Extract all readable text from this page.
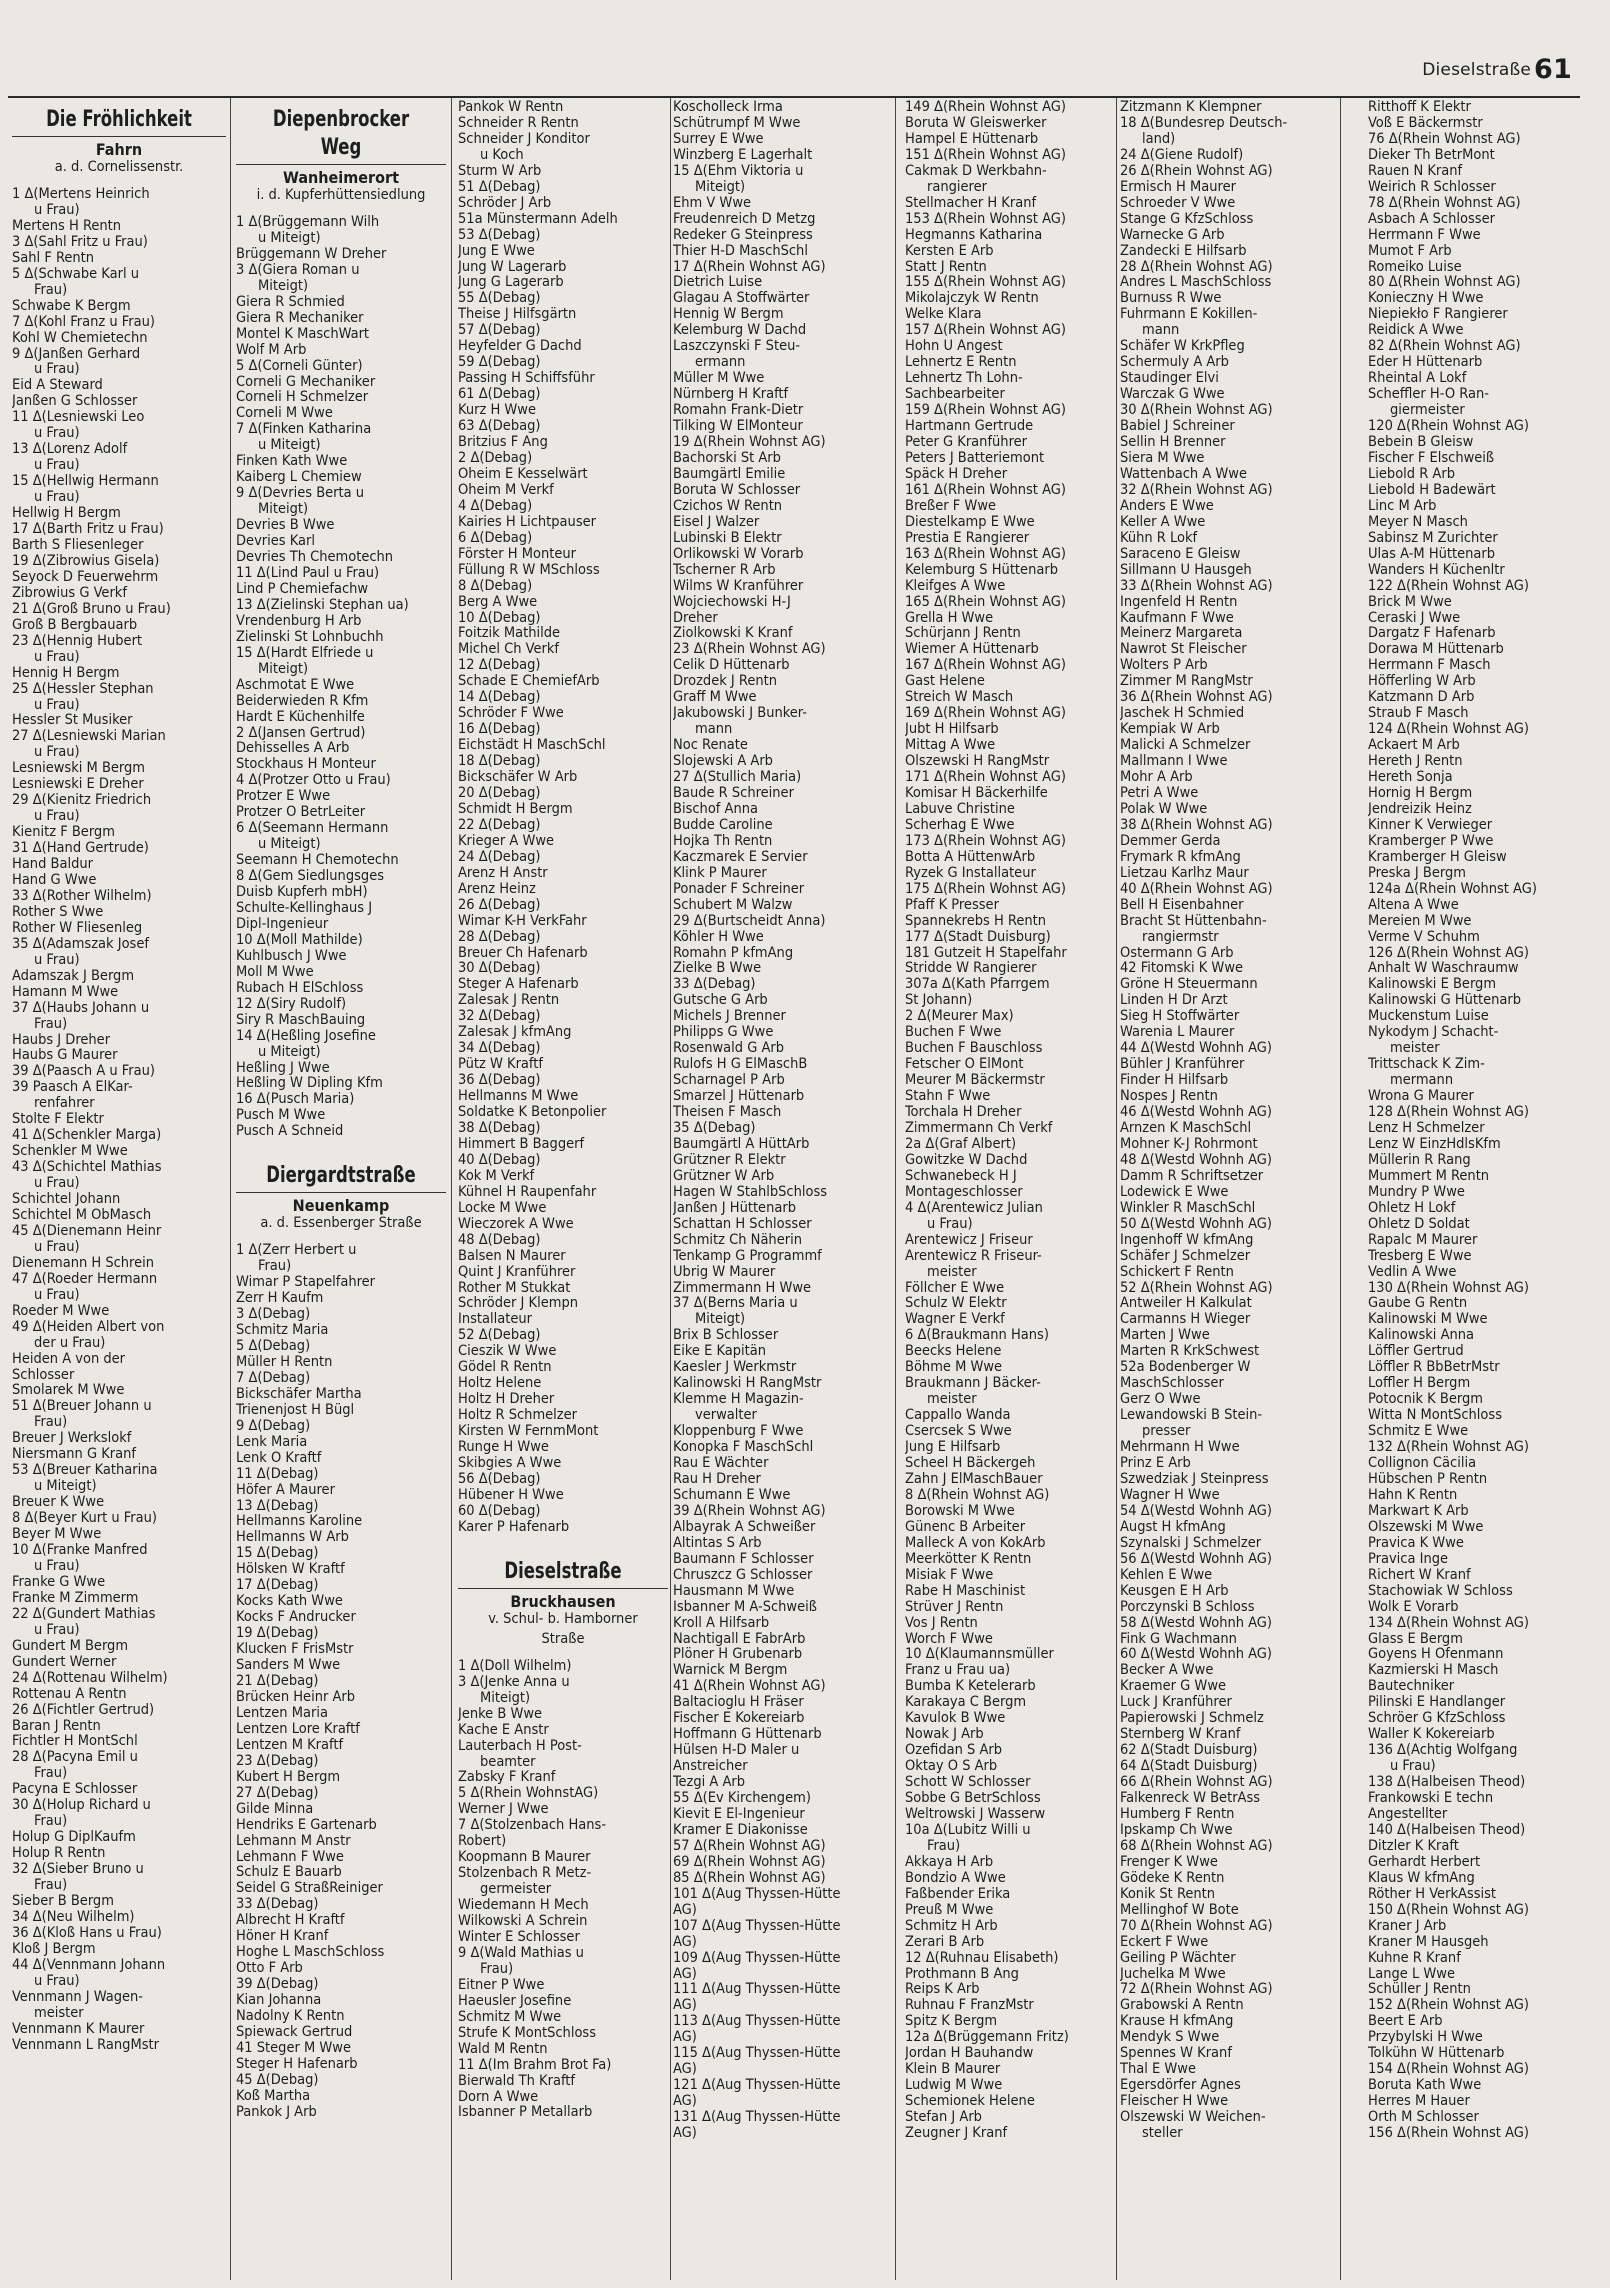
Dieselstraße 61
Die Fröhlichkeit
Fahrn
a. d. Cornelissenstr.
1 Δ(Mertens Heinrich
u Frau)
Mertens H Rentn
3 Δ(Sahl Fritz u Frau)
Sahl F Rentn
5 Δ(Schwabe Karl u
Frau)
Schwabe K Bergm
7 Δ(Kohl Franz u Frau)
Kohl W Chemietechn
9 Δ(Janßen Gerhard
u Frau)
Eid A Steward
Janßen G Schlosser
11 Δ(Lesniewski Leo
u Frau)
13 Δ(Lorenz Adolf
u Frau)
15 Δ(Hellwig Hermann
u Frau)
Hellwig H Bergm
17 Δ(Barth Fritz u Frau)
Barth S Fliesenleger
19 Δ(Zibrowius Gisela)
Seyock D Feuerwehrm
Zibrowius G Verkf
21 Δ(Groß Bruno u Frau)
Groß B Bergbauarb
23 Δ(Hennig Hubert
u Frau)
Hennig H Bergm
25 Δ(Hessler Stephan
u Frau)
Hessler St Musiker
27 Δ(Lesniewski Marian
u Frau)
Lesniewski M Bergm
Lesniewski E Dreher
29 Δ(Kienitz Friedrich
u Frau)
Kienitz F Bergm
31 Δ(Hand Gertrude)
Hand Baldur
Hand G Wwe
33 Δ(Rother Wilhelm)
Rother S Wwe
Rother W Fliesenleg
35 Δ(Adamszak Josef
u Frau)
Adamszak J Bergm
Hamann M Wwe
37 Δ(Haubs Johann u
Frau)
Haubs J Dreher
Haubs G Maurer
39 Δ(Paasch A u Frau)
39 Paasch A ElKar-
renfahrer
Stolte F Elektr
41 Δ(Schenkler Marga)
Schenkler M Wwe
43 Δ(Schichtel Mathias
u Frau)
Schichtel Johann
Schichtel M ObMasch
45 Δ(Dienemann Heinr
u Frau)
Dienemann H Schrein
47 Δ(Roeder Hermann
u Frau)
Roeder M Wwe
49 Δ(Heiden Albert von
der u Frau)
Heiden A von der
Schlosser
Smolarek M Wwe
51 Δ(Breuer Johann u
Frau)
Breuer J Werkslokf
Niersmann G Kranf
53 Δ(Breuer Katharina
u Miteigt)
Breuer K Wwe
8 Δ(Beyer Kurt u Frau)
Beyer M Wwe
10 Δ(Franke Manfred
u Frau)
Franke G Wwe
Franke M Zimmerm
22 Δ(Gundert Mathias
u Frau)
Gundert M Bergm
Gundert Werner
24 Δ(Rottenau Wilhelm)
Rottenau A Rentn
26 Δ(Fichtler Gertrud)
Baran J Rentn
Fichtler H MontSchl
28 Δ(Pacyna Emil u
Frau)
Pacyna E Schlosser
30 Δ(Holup Richard u
Frau)
Holup G DiplKaufm
Holup R Rentn
32 Δ(Sieber Bruno u
Frau)
Sieber B Bergm
34 Δ(Neu Wilhelm)
36 Δ(Kloß Hans u Frau)
Kloß J Bergm
44 Δ(Vennmann Johann
u Frau)
Vennmann J Wagen-
meister
Vennmann K Maurer
Vennmann L RangMstr
Diepenbrocker Weg
Wanheimerort
i. d. Kupferhüttensiedlung
1 Δ(Brüggemann Wilh
u Miteigt)
Brüggemann W Dreher
3 Δ(Giera Roman u
Miteigt)
Giera R Schmied
Giera R Mechaniker
Montel K MaschWart
Wolf M Arb
5 Δ(Corneli Günter)
Corneli G Mechaniker
Corneli H Schmelzer
Corneli M Wwe
7 Δ(Finken Katharina
u Miteigt)
Finken Kath Wwe
Kaiberg L Chemiew
9 Δ(Devries Berta u
Miteigt)
Devries B Wwe
Devries Karl
Devries Th Chemotechn
11 Δ(Lind Paul u Frau)
Lind P Chemiefachw
13 Δ(Zielinski Stephan ua)
Vrendenburg H Arb
Zielinski St Lohnbuchh
15 Δ(Hardt Elfriede u
Miteigt)
Aschmotat E Wwe
Beiderwieden R Kfm
Hardt E Küchenhilfe
2 Δ(Jansen Gertrud)
Dehisselles A Arb
Stockhaus H Monteur
4 Δ(Protzer Otto u Frau)
Protzer E Wwe
Protzer O BetrLeiter
6 Δ(Seemann Hermann
u Miteigt)
Seemann H Chemotechn
8 Δ(Gem Siedlungsges
Duisb Kupferh mbH)
Schulte-Kellinghaus J
Dipl-Ingenieur
10 Δ(Moll Mathilde)
Kuhlbusch J Wwe
Moll M Wwe
Rubach H ElSchloss
12 Δ(Siry Rudolf)
Siry R MaschBauing
14 Δ(Heßling Josefine
u Miteigt)
Heßling J Wwe
Heßling W Dipling Kfm
16 Δ(Pusch Maria)
Pusch M Wwe
Pusch A Schneid
Diergardtstraße
Neuenkamp
a. d. Essenberger Straße
1 Δ(Zerr Herbert u
Frau)
Wimar P Stapelfahrer
Zerr H Kaufm
3 Δ(Debag)
Schmitz Maria
5 Δ(Debag)
Müller H Rentn
7 Δ(Debag)
Bickschäfer Martha
Trienenjost H Bügl
9 Δ(Debag)
Lenk Maria
Lenk O Kraftf
11 Δ(Debag)
Höfer A Maurer
13 Δ(Debag)
Hellmanns Karoline
Hellmanns W Arb
15 Δ(Debag)
Hölsken W Kraftf
17 Δ(Debag)
Kocks Kath Wwe
Kocks F Andrucker
19 Δ(Debag)
Klucken F FrisMstr
Sanders M Wwe
21 Δ(Debag)
Brücken Heinr Arb
Lentzen Maria
Lentzen Lore Kraftf
Lentzen M Kraftf
23 Δ(Debag)
Kubert H Bergm
27 Δ(Debag)
Gilde Minna
Hendriks E Gartenarb
Lehmann M Anstr
Lehmann F Wwe
Schulz E Bauarb
Seidel G StraßReiniger
33 Δ(Debag)
Albrecht H Kraftf
Höner H Kranf
Hoghe L MaschSchloss
Otto F Arb
39 Δ(Debag)
Kian Johanna
Nadolny K Rentn
Spiewack Gertrud
41 Steger M Wwe
Steger H Hafenarb
45 Δ(Debag)
Koß Martha
Pankok J Arb
Pankok W Rentn
Schneider R Rentn
Schneider J Konditor
u Koch
Sturm W Arb
51 Δ(Debag)
Schröder J Arb
51a Münstermann Adelh
53 Δ(Debag)
Jung E Wwe
Jung W Lagerarb
Jung G Lagerarb
55 Δ(Debag)
Theise J Hilfsgärtn
57 Δ(Debag)
Heyfelder G Dachd
59 Δ(Debag)
Passing H Schiffsführ
61 Δ(Debag)
Kurz H Wwe
63 Δ(Debag)
Britzius F Ang
2 Δ(Debag)
Oheim E Kesselwärt
Oheim M Verkf
4 Δ(Debag)
Kairies H Lichtpauser
6 Δ(Debag)
Förster H Monteur
Füllung R W MSchloss
8 Δ(Debag)
Berg A Wwe
10 Δ(Debag)
Foitzik Mathilde
Michel Ch Verkf
12 Δ(Debag)
Schade E ChemiefArb
14 Δ(Debag)
Schröder F Wwe
16 Δ(Debag)
Eichstädt H MaschSchl
18 Δ(Debag)
Bickschäfer W Arb
20 Δ(Debag)
Schmidt H Bergm
22 Δ(Debag)
Krieger A Wwe
24 Δ(Debag)
Arenz H Anstr
Arenz Heinz
26 Δ(Debag)
Wimar K-H VerkFahr
28 Δ(Debag)
Breuer Ch Hafenarb
30 Δ(Debag)
Steger A Hafenarb
Zalesak J Rentn
32 Δ(Debag)
Zalesak J kfmAng
34 Δ(Debag)
Pütz W Kraftf
36 Δ(Debag)
Hellmanns M Wwe
Soldatke K Betonpolier
38 Δ(Debag)
Himmert B Baggerf
40 Δ(Debag)
Kok M Verkf
Kühnel H Raupenfahr
Locke M Wwe
Wieczorek A Wwe
48 Δ(Debag)
Balsen N Maurer
Quint J Kranführer
Rother M Stukkat
Schröder J Klempn
Installateur
52 Δ(Debag)
Cieszik W Wwe
Gödel R Rentn
Holtz Helene
Holtz H Dreher
Holtz R Schmelzer
Kirsten W FernmMont
Runge H Wwe
Skibgies A Wwe
56 Δ(Debag)
Hübener H Wwe
60 Δ(Debag)
Karer P Hafenarb
Dieselstraße
Bruckhausen
v. Schul- b. Hamborner
Straße
1 Δ(Doll Wilhelm)
3 Δ(Jenke Anna u
Miteigt)
Jenke B Wwe
Kache E Anstr
Lauterbach H Post-
beamter
Zabsky F Kranf
5 Δ(Rhein WohnstAG)
Werner J Wwe
7 Δ(Stolzenbach Hans-
Robert)
Koopmann B Maurer
Stolzenbach R Metz-
germeister
Wiedemann H Mech
Wilkowski A Schrein
Winter E Schlosser
9 Δ(Wald Mathias u
Frau)
Eitner P Wwe
Haeusler Josefine
Schmitz M Wwe
Strufe K MontSchloss
Wald M Rentn
11 Δ(Im Brahm Brot Fa)
Bierwald Th Kraftf
Dorn A Wwe
Isbanner P Metallarb
Koscholleck Irma
Schütrumpf M Wwe
Surrey E Wwe
Winzberg E Lagerhalt
15 Δ(Ehm Viktoria u
Miteigt)
Ehm V Wwe
Freudenreich D Metzg
Redeker G Steinpress
Thier H-D MaschSchl
17 Δ(Rhein Wohnst AG)
Dietrich Luise
Glagau A Stoffwärter
Hennig W Bergm
Kelemburg W Dachd
Laszczynski F Steu-
ermann
Müller M Wwe
Nürnberg H Kraftf
Romahn Frank-Dietr
Tilking W ElMonteur
19 Δ(Rhein Wohnst AG)
Bachorski St Arb
Baumgärtl Emilie
Boruta W Schlosser
Czichos W Rentn
Eisel J Walzer
Lubinski B Elektr
Orlikowski W Vorarb
Tscherner R Arb
Wilms W Kranführer
Wojciechowski H-J
Dreher
Ziolkowski K Kranf
23 Δ(Rhein Wohnst AG)
Celik D Hüttenarb
Drozdek J Rentn
Graff M Wwe
Jakubowski J Bunker-
mann
Noc Renate
Slojewski A Arb
27 Δ(Stullich Maria)
Baude R Schreiner
Bischof Anna
Budde Caroline
Hojka Th Rentn
Kaczmarek E Servier
Klink P Maurer
Ponader F Schreiner
Schubert M Walzw
29 Δ(Burtscheidt Anna)
Köhler H Wwe
Romahn P kfmAng
Zielke B Wwe
33 Δ(Debag)
Gutsche G Arb
Michels J Brenner
Philipps G Wwe
Rosenwald G Arb
Rulofs H G ElMaschB
Scharnagel P Arb
Smarzel J Hüttenarb
Theisen F Masch
35 Δ(Debag)
Baumgärtl A HüttArb
Grützner R Elektr
Grützner W Arb
Hagen W StahlbSchloss
Janßen J Hüttenarb
Schattan H Schlosser
Schmitz Ch Näherin
Tenkamp G Programmf
Ubrig W Maurer
Zimmermann H Wwe
37 Δ(Berns Maria u
Miteigt)
Brix B Schlosser
Eike E Kapitän
Kaesler J Werkmstr
Kalinowski H RangMstr
Klemme H Magazin-
verwalter
Kloppenburg F Wwe
Konopka F MaschSchl
Rau E Wächter
Rau H Dreher
Schumann E Wwe
39 Δ(Rhein Wohnst AG)
Albayrak A Schweißer
Altintas S Arb
Baumann F Schlosser
Chruszcz G Schlosser
Hausmann M Wwe
Isbanner M A-Schweiß
Kroll A Hilfsarb
Nachtigall E FabrArb
Plöner H Grubenarb
Warnick M Bergm
41 Δ(Rhein Wohnst AG)
Baltacioglu H Fräser
Fischer E Kokereiarb
Hoffmann G Hüttenarb
Hülsen H-D Maler u
Anstreicher
Tezgi A Arb
55 Δ(Ev Kirchengem)
Kievit E El-Ingenieur
Kramer E Diakonisse
57 Δ(Rhein Wohnst AG)
69 Δ(Rhein Wohnst AG)
85 Δ(Rhein Wohnst AG)
101 Δ(Aug Thyssen-Hütte
AG)
107 Δ(Aug Thyssen-Hütte
AG)
109 Δ(Aug Thyssen-Hütte
AG)
111 Δ(Aug Thyssen-Hütte
AG)
113 Δ(Aug Thyssen-Hütte
AG)
115 Δ(Aug Thyssen-Hütte
AG)
121 Δ(Aug Thyssen-Hütte
AG)
131 Δ(Aug Thyssen-Hütte
AG)
149 Δ(Rhein Wohnst AG)
Boruta W Gleiswerker
Hampel E Hüttenarb
151 Δ(Rhein Wohnst AG)
Cakmak D Werkbahn-
rangierer
Stellmacher H Kranf
153 Δ(Rhein Wohnst AG)
Hegmanns Katharina
Kersten E Arb
Statt J Rentn
155 Δ(Rhein Wohnst AG)
Mikolajczyk W Rentn
Welke Klara
157 Δ(Rhein Wohnst AG)
Hohn U Angest
Lehnertz E Rentn
Lehnertz Th Lohn-
Sachbearbeiter
159 Δ(Rhein Wohnst AG)
Hartmann Gertrude
Peter G Kranführer
Peters J Batteriemont
Späck H Dreher
161 Δ(Rhein Wohnst AG)
Breßer F Wwe
Diestelkamp E Wwe
Prestia E Rangierer
163 Δ(Rhein Wohnst AG)
Kelemburg S Hüttenarb
Kleifges A Wwe
165 Δ(Rhein Wohnst AG)
Grella H Wwe
Schürjann J Rentn
Wiemer A Hüttenarb
167 Δ(Rhein Wohnst AG)
Gast Helene
Streich W Masch
169 Δ(Rhein Wohnst AG)
Jubt H Hilfsarb
Mittag A Wwe
Olszewski H RangMstr
171 Δ(Rhein Wohnst AG)
Komisar H Bäckerhilfe
Labuve Christine
Scherhag E Wwe
173 Δ(Rhein Wohnst AG)
Botta A HüttenwArb
Ryzek G Installateur
175 Δ(Rhein Wohnst AG)
Pfaff K Presser
Spannekrebs H Rentn
177 Δ(Stadt Duisburg)
181 Gutzeit H Stapelfahr
Stridde W Rangierer
307a Δ(Kath Pfarrgem
St Johann)
2 Δ(Meurer Max)
Buchen F Wwe
Buchen F Bauschloss
Fetscher O ElMont
Meurer M Bäckermstr
Stahn F Wwe
Torchala H Dreher
Zimmermann Ch Verkf
2a Δ(Graf Albert)
Gowitzke W Dachd
Schwanebeck H J
Montageschlosser
4 Δ(Arentewicz Julian
u Frau)
Arentewicz J Friseur
Arentewicz R Friseur-
meister
Föllcher E Wwe
Schulz W Elektr
Wagner E Verkf
6 Δ(Braukmann Hans)
Beecks Helene
Böhme M Wwe
Braukmann J Bäcker-
meister
Cappallo Wanda
Csercsek S Wwe
Jung E Hilfsarb
Scheel H Bäckergeh
Zahn J ElMaschBauer
8 Δ(Rhein Wohnst AG)
Borowski M Wwe
Günenc B Arbeiter
Malleck A von KokArb
Meerkötter K Rentn
Misiak F Wwe
Rabe H Maschinist
Strüver J Rentn
Vos J Rentn
Worch F Wwe
10 Δ(Klaumannsmüller
Franz u Frau ua)
Bumba K Ketelerarb
Karakaya C Bergm
Kavulok B Wwe
Nowak J Arb
Ozefidan S Arb
Oktay O S Arb
Schott W Schlosser
Sobbe G BetrSchloss
Weltrowski J Wasserw
10a Δ(Lubitz Willi u
Frau)
Akkaya H Arb
Bondzio A Wwe
Faßbender Erika
Preuß M Wwe
Schmitz H Arb
Zerari B Arb
12 Δ(Ruhnau Elisabeth)
Prothmann B Ang
Reips K Arb
Ruhnau F FranzMstr
Spitz K Bergm
12a Δ(Brüggemann Fritz)
Jordan H Bauhandw
Klein B Maurer
Ludwig M Wwe
Schemionek Helene
Stefan J Arb
Zeugner J Kranf
Zitzmann K Klempner
18 Δ(Bundesrep Deutsch-
land)
24 Δ(Giene Rudolf)
26 Δ(Rhein Wohnst AG)
Ermisch H Maurer
Schroeder V Wwe
Stange G KfzSchloss
Warnecke G Arb
Zandecki E Hilfsarb
28 Δ(Rhein Wohnst AG)
Andres L MaschSchloss
Burnuss R Wwe
Fuhrmann E Kokillen-
mann
Schäfer W KrkPfleg
Schermuly A Arb
Staudinger Elvi
Warczak G Wwe
30 Δ(Rhein Wohnst AG)
Babiel J Schreiner
Sellin H Brenner
Siera M Wwe
Wattenbach A Wwe
32 Δ(Rhein Wohnst AG)
Anders E Wwe
Keller A Wwe
Kühn R Lokf
Saraceno E Gleisw
Sillmann U Hausgeh
33 Δ(Rhein Wohnst AG)
Ingenfeld H Rentn
Kaufmann F Wwe
Meinerz Margareta
Nawrot St Fleischer
Wolters P Arb
Zimmer M RangMstr
36 Δ(Rhein Wohnst AG)
Jaschek H Schmied
Kempiak W Arb
Malicki A Schmelzer
Mallmann I Wwe
Mohr A Arb
Petri A Wwe
Polak W Wwe
38 Δ(Rhein Wohnst AG)
Demmer Gerda
Frymark R kfmAng
Lietzau Karlhz Maur
40 Δ(Rhein Wohnst AG)
Bell H Eisenbahner
Bracht St Hüttenbahn-
rangiermstr
Ostermann G Arb
42 Fitomski K Wwe
Gröne H Steuermann
Linden H Dr Arzt
Sieg H Stoffwärter
Warenia L Maurer
44 Δ(Westd Wohnh AG)
Bühler J Kranführer
Finder H Hilfsarb
Nospes J Rentn
46 Δ(Westd Wohnh AG)
Arnzen K MaschSchl
Mohner K-J Rohrmont
48 Δ(Westd Wohnh AG)
Damm R Schriftsetzer
Lodewick E Wwe
Winkler R MaschSchl
50 Δ(Westd Wohnh AG)
Ingenhoff W kfmAng
Schäfer J Schmelzer
Schickert F Rentn
52 Δ(Rhein Wohnst AG)
Antweiler H Kalkulat
Carmanns H Wieger
Marten J Wwe
Marten R KrkSchwest
52a Bodenberger W
MaschSchlosser
Gerz O Wwe
Lewandowski B Stein-
presser
Mehrmann H Wwe
Prinz E Arb
Szwedziak J Steinpress
Wagner H Wwe
54 Δ(Westd Wohnh AG)
Augst H kfmAng
Szynalski J Schmelzer
56 Δ(Westd Wohnh AG)
Kehlen E Wwe
Keusgen E H Arb
Porczynski B Schloss
58 Δ(Westd Wohnh AG)
Fink G Wachmann
60 Δ(Westd Wohnh AG)
Becker A Wwe
Kraemer G Wwe
Luck J Kranführer
Papierowski J Schmelz
Sternberg W Kranf
62 Δ(Stadt Duisburg)
64 Δ(Stadt Duisburg)
66 Δ(Rhein Wohnst AG)
Falkenreck W BetrAss
Humberg F Rentn
Ipskamp Ch Wwe
68 Δ(Rhein Wohnst AG)
Frenger K Wwe
Gödeke K Rentn
Konik St Rentn
Mellinghof W Bote
70 Δ(Rhein Wohnst AG)
Eckert F Wwe
Geiling P Wächter
Juchelka M Wwe
72 Δ(Rhein Wohnst AG)
Grabowski A Rentn
Krause H kfmAng
Mendyk S Wwe
Spennes W Kranf
Thal E Wwe
Egersdörfer Agnes
Fleischer H Wwe
Olszewski W Weichen-
steller
Ritthoff K Elektr
Voß E Bäckermstr
76 Δ(Rhein Wohnst AG)
Dieker Th BetrMont
Rauen N Kranf
Weirich R Schlosser
78 Δ(Rhein Wohnst AG)
Asbach A Schlosser
Herrmann F Wwe
Mumot F Arb
Romeiko Luise
80 Δ(Rhein Wohnst AG)
Konieczny H Wwe
Niepiekło F Rangierer
Reidick A Wwe
82 Δ(Rhein Wohnst AG)
Eder H Hüttenarb
Rheintal A Lokf
Scheffler H-O Ran-
giermeister
120 Δ(Rhein Wohnst AG)
Bebein B Gleisw
Fischer F Elschweiß
Liebold R Arb
Liebold H Badewärt
Linc M Arb
Meyer N Masch
Sabinsz M Zurichter
Ulas A-M Hüttenarb
Wanders H Küchenltr
122 Δ(Rhein Wohnst AG)
Brick M Wwe
Ceraski J Wwe
Dargatz F Hafenarb
Dorawa M Hüttenarb
Herrmann F Masch
Höfferling W Arb
Katzmann D Arb
Straub F Masch
124 Δ(Rhein Wohnst AG)
Ackaert M Arb
Hereth J Rentn
Hereth Sonja
Hornig H Bergm
Jendreizik Heinz
Kinner K Verwieger
Kramberger P Wwe
Kramberger H Gleisw
Preska J Bergm
124a Δ(Rhein Wohnst AG)
Altena A Wwe
Mereien M Wwe
Verme V Schuhm
126 Δ(Rhein Wohnst AG)
Anhalt W Waschraumw
Kalinowski E Bergm
Kalinowski G Hüttenarb
Muckenstum Luise
Nykodym J Schacht-
meister
Trittschack K Zim-
mermann
Wrona G Maurer
128 Δ(Rhein Wohnst AG)
Lenz H Schmelzer
Lenz W EinzHdlsKfm
Müllerin R Rang
Mummert M Rentn
Mundry P Wwe
Ohletz H Lokf
Ohletz D Soldat
Rapalc M Maurer
Tresberg E Wwe
Vedlin A Wwe
130 Δ(Rhein Wohnst AG)
Gaube G Rentn
Kalinowski M Wwe
Kalinowski Anna
Löffler Gertrud
Löffler R BbBetrMstr
Loffler H Bergm
Potocnik K Bergm
Witta N MontSchloss
Schmitz E Wwe
132 Δ(Rhein Wohnst AG)
Collignon Cäcilia
Hübschen P Rentn
Hahn K Rentn
Markwart K Arb
Olszewski M Wwe
Pravica K Wwe
Pravica Inge
Richert W Kranf
Stachowiak W Schloss
Wolk E Vorarb
134 Δ(Rhein Wohnst AG)
Glass E Bergm
Goyens H Ofenmann
Kazmierski H Masch
Bautechniker
Pilinski E Handlanger
Schröer G KfzSchloss
Waller K Kokereiarb
136 Δ(Achtig Wolfgang
u Frau)
138 Δ(Halbeisen Theod)
Frankowski E techn
Angestellter
140 Δ(Halbeisen Theod)
Ditzler K Kraft
Gerhardt Herbert
Klaus W kfmAng
Röther H VerkAssist
150 Δ(Rhein Wohnst AG)
Kraner J Arb
Kraner M Hausgeh
Kuhne R Kranf
Lange L Wwe
Schüller J Rentn
152 Δ(Rhein Wohnst AG)
Beert E Arb
Przybylski H Wwe
Tolkühn W Hüttenarb
154 Δ(Rhein Wohnst AG)
Boruta Kath Wwe
Herres M Hauer
Orth M Schlosser
156 Δ(Rhein Wohnst AG)
